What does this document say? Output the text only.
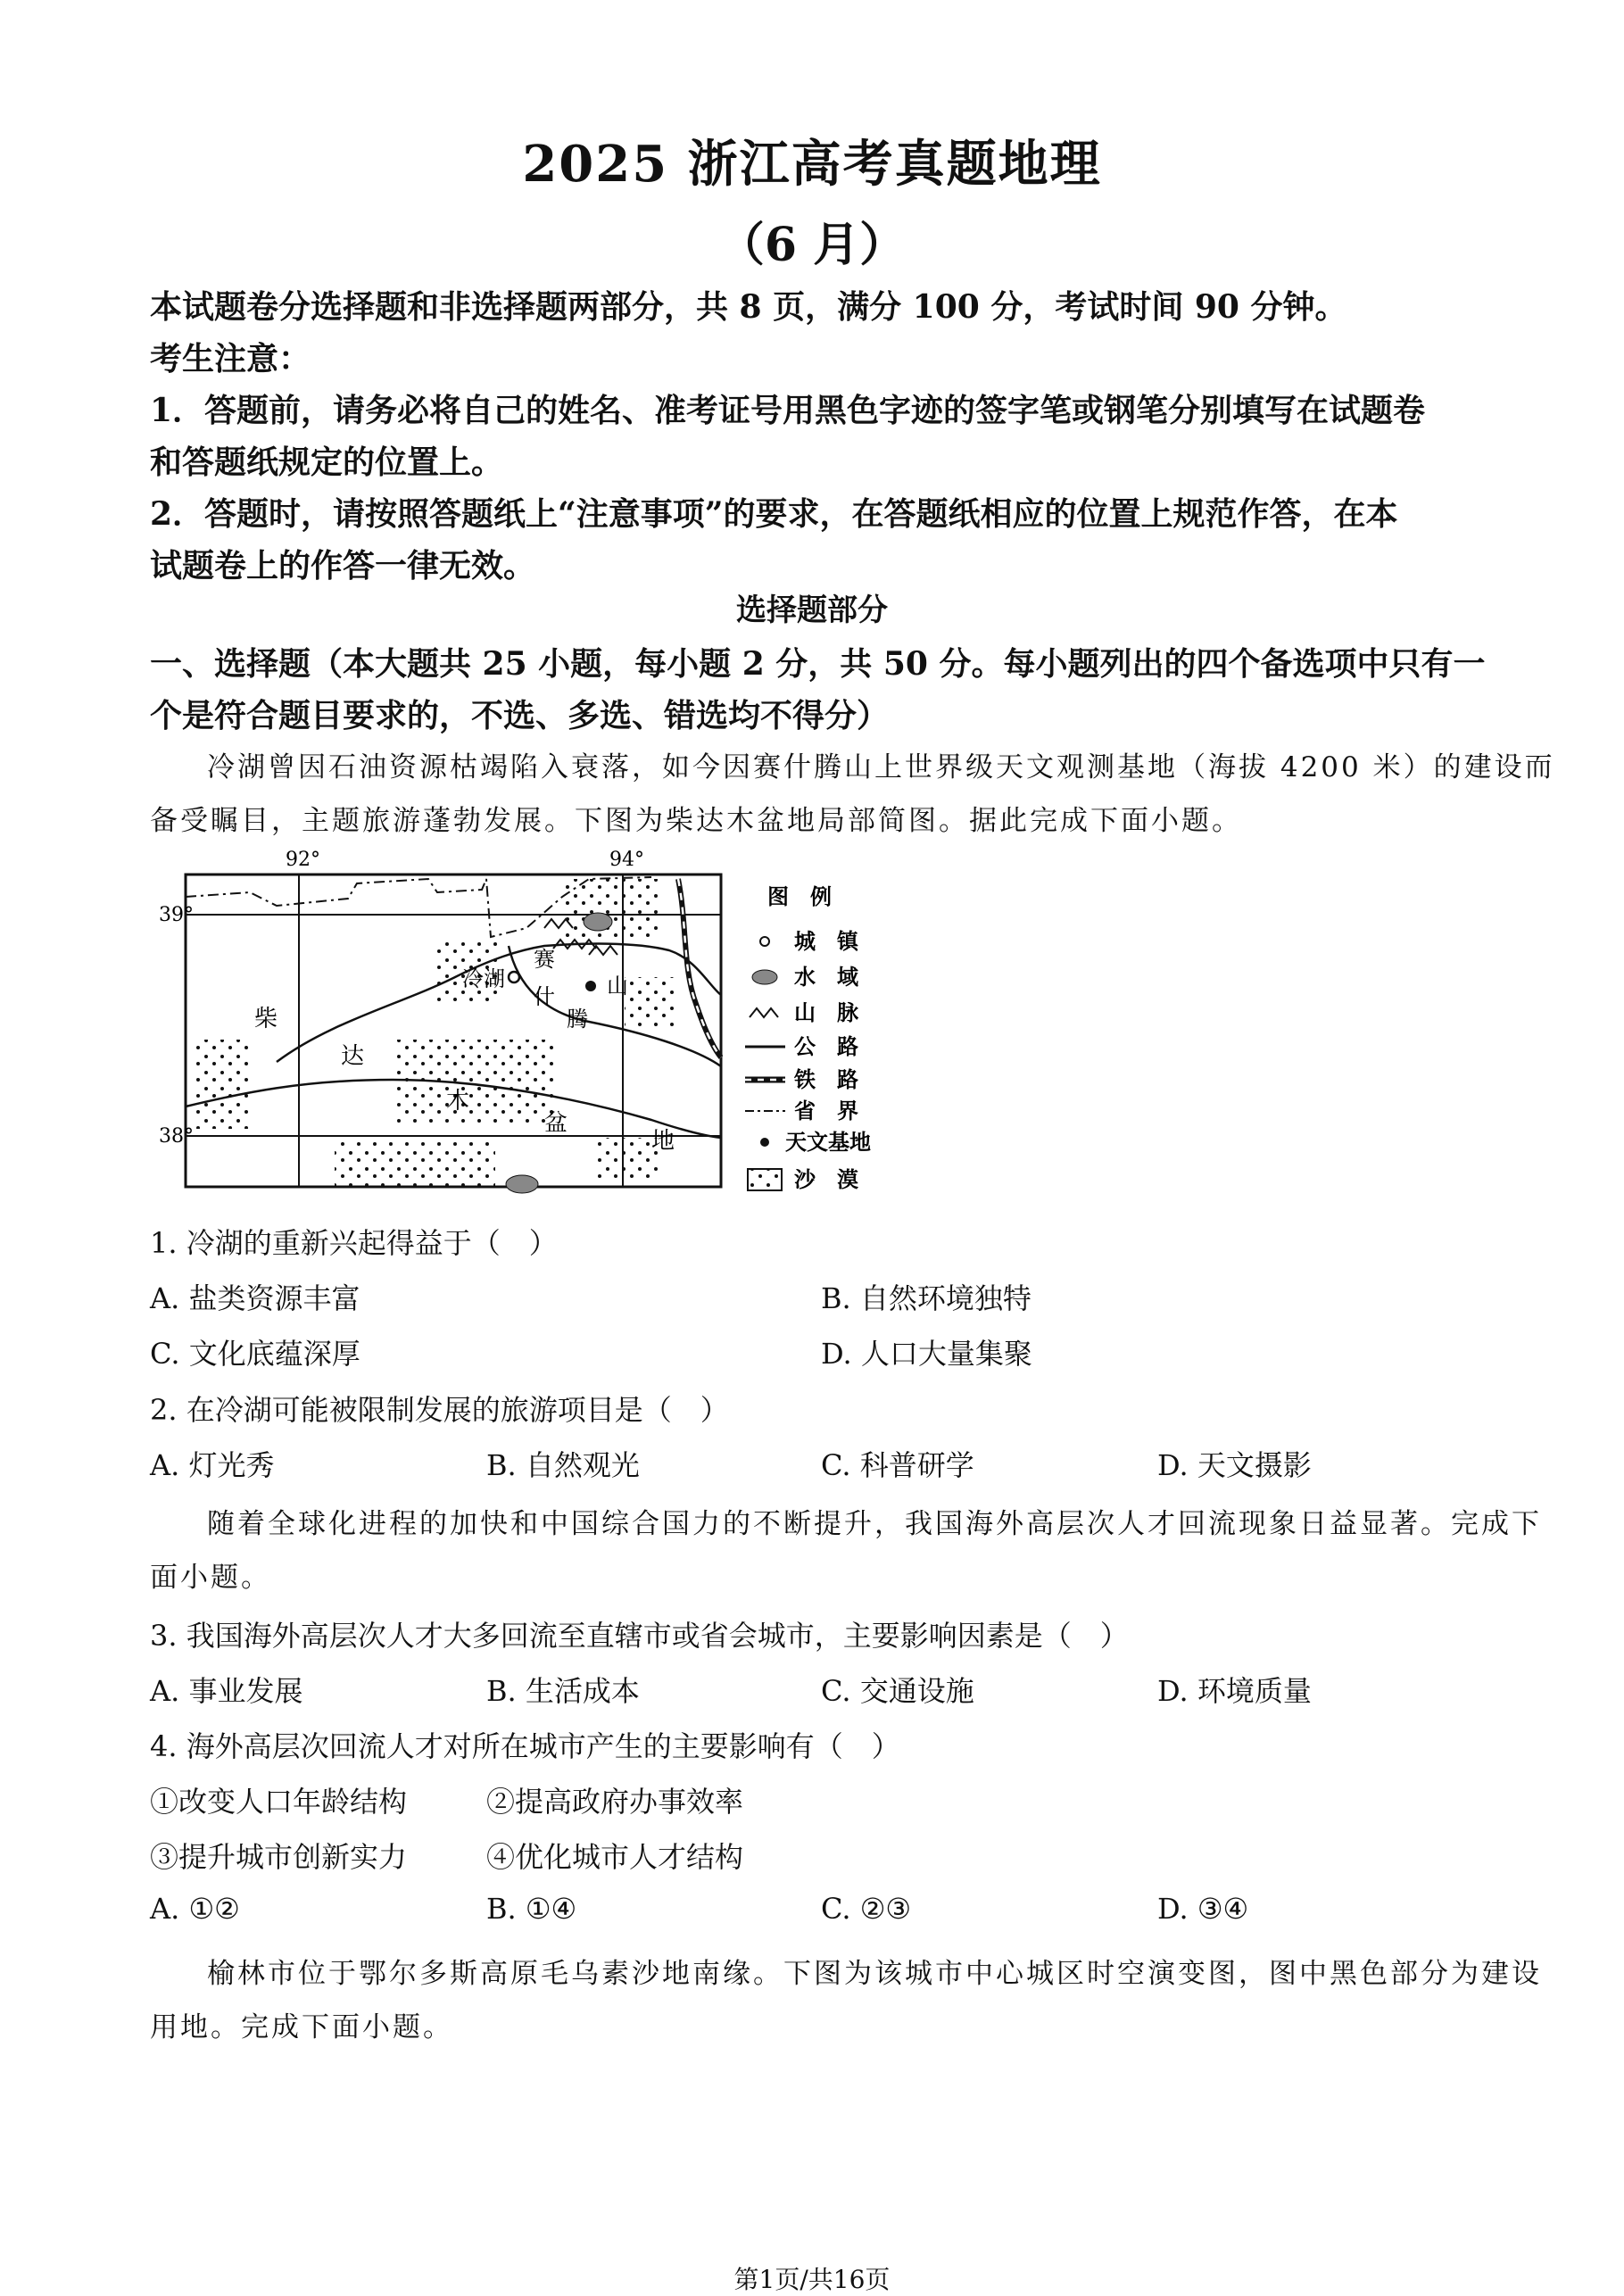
2025 浙江高考真题地理
（6 月）
本试题卷分选择题和非选择题两部分，共 8 页，满分 100 分，考试时间 90 分钟。
考生注意：
1．答题前，请务必将自己的姓名、准考证号用黑色字迹的签字笔或钢笔分别填写在试题卷
和答题纸规定的位置上。
2．答题时，请按照答题纸上“注意事项”的要求，在答题纸相应的位置上规范作答，在本
试题卷上的作答一律无效。
选择题部分
一、选择题（本大题共 25 小题，每小题 2 分，共 50 分。每小题列出的四个备选项中只有一
个是符合题目要求的，不选、多选、错选均不得分）
冷湖曾因石油资源枯竭陷入衰落，如今因赛什腾山上世界级天文观测基地（海拔 4200 米）的建设而
备受瞩目，主题旅游蓬勃发展。下图为柴达木盆地局部简图。据此完成下面小题。
92°	94°
39°
38°
冷湖
赛
什
腾
山
柴
达
木
盆
地
图　例
城　镇
水　域
山　脉
公　路
铁　路
省　界
天文基地
沙　漠
1. 冷湖的重新兴起得益于（　）
A. 盐类资源丰富	B. 自然环境独特
C. 文化底蕴深厚	D. 人口大量集聚
2. 在冷湖可能被限制发展的旅游项目是（　）
A. 灯光秀	B. 自然观光	C. 科普研学	D. 天文摄影
随着全球化进程的加快和中国综合国力的不断提升，我国海外高层次人才回流现象日益显著。完成下
面小题。
3. 我国海外高层次人才大多回流至直辖市或省会城市，主要影响因素是（　）
A. 事业发展	B. 生活成本	C. 交通设施	D. 环境质量
4. 海外高层次回流人才对所在城市产生的主要影响有（　）
①改变人口年龄结构	②提高政府办事效率
③提升城市创新实力	④优化城市人才结构
A. ①②	B. ①④	C. ②③	D. ③④
榆林市位于鄂尔多斯高原毛乌素沙地南缘。下图为该城市中心城区时空演变图，图中黑色部分为建设
用地。完成下面小题。
第1页/共16页
